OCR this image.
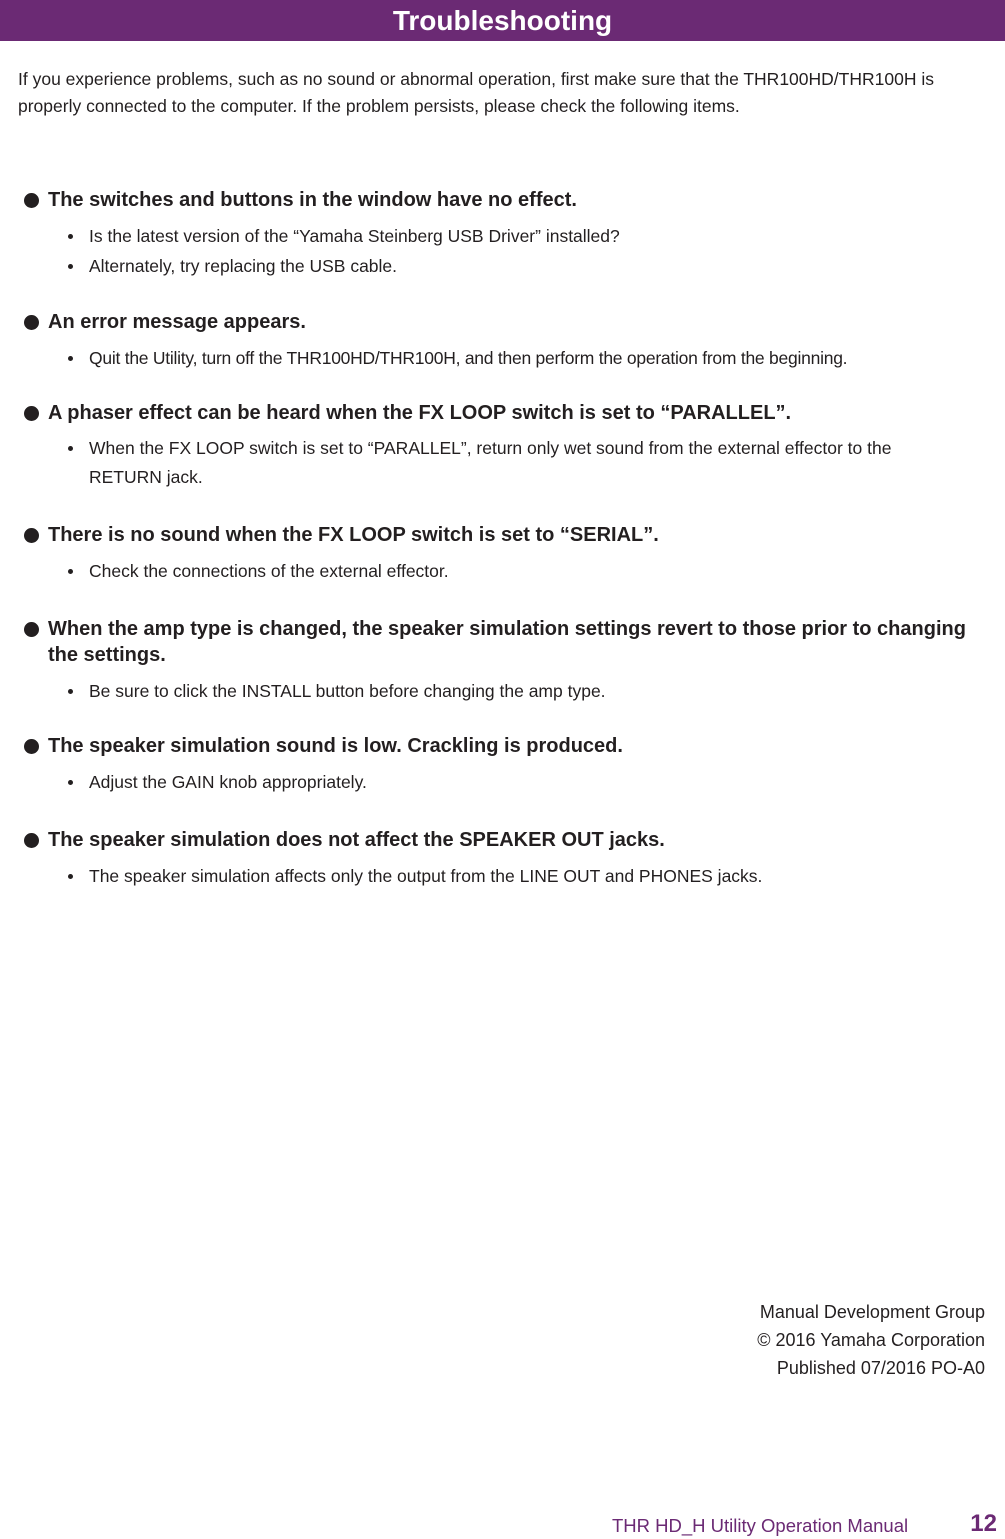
Troubleshooting

If you experience problems, such as no sound or abnormal operation, first make sure that the THR100HD/THR100H is properly connected to the computer. If the problem persists, please check the following items.

The switches and buttons in the window have no effect.
Is the latest version of the “Yamaha Steinberg USB Driver” installed?
Alternately, try replacing the USB cable.
An error message appears.
Quit the Utility, turn off the THR100HD/THR100H, and then perform the operation from the beginning.
A phaser effect can be heard when the FX LOOP switch is set to “PARALLEL”.
When the FX LOOP switch is set to “PARALLEL”, return only wet sound from the external effector to the RETURN jack.
There is no sound when the FX LOOP switch is set to “SERIAL”.
Check the connections of the external effector.
When the amp type is changed, the speaker simulation settings revert to those prior to changing the settings.
Be sure to click the INSTALL button before changing the amp type.
The speaker simulation sound is low. Crackling is produced.
Adjust the GAIN knob appropriately.
The speaker simulation does not affect the SPEAKER OUT jacks.
The speaker simulation affects only the output from the LINE OUT and PHONES jacks.
Manual Development Group
© 2016 Yamaha Corporation
Published 07/2016 PO-A0
THR HD_H Utility Operation Manual	12
